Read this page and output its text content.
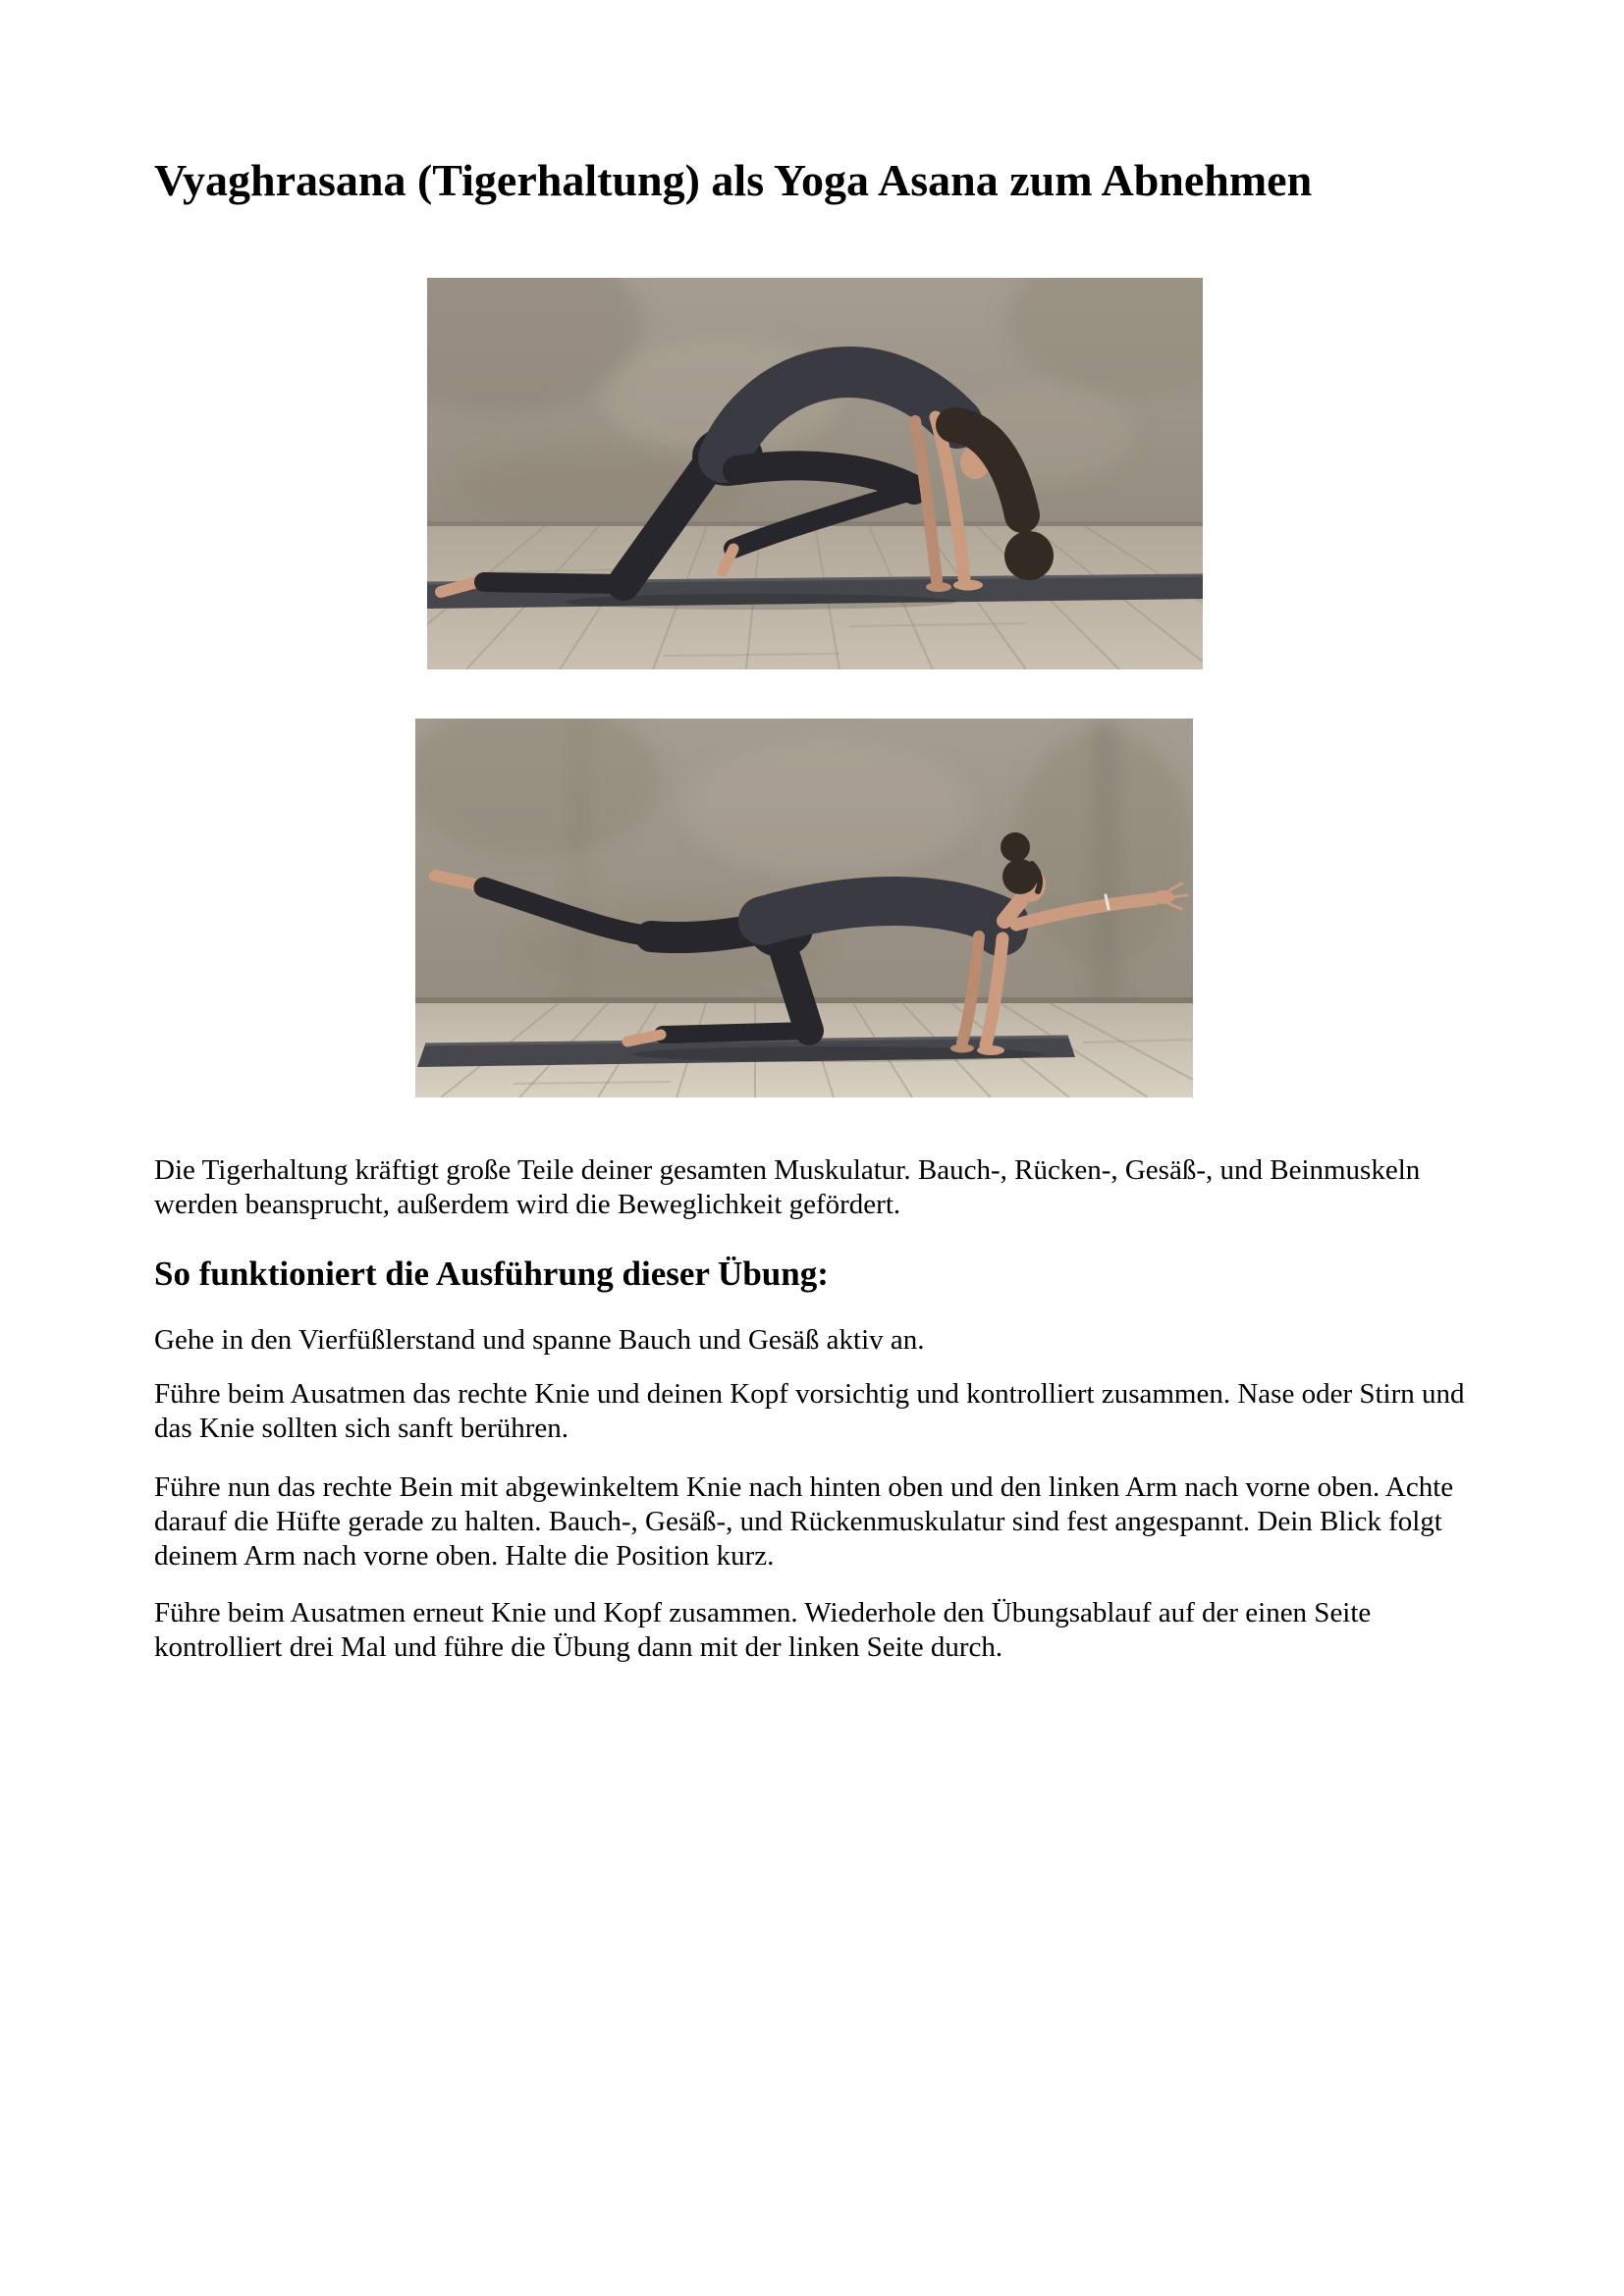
Vyaghrasana (Tigerhaltung) als Yoga Asana zum Abnehmen

Die Tigerhaltung kräftigt große Teile deiner gesamten Muskulatur. Bauch-, Rücken-, Gesäß-, und Beinmuskeln werden beansprucht, außerdem wird die Beweglichkeit gefördert.

So funktioniert die Ausführung dieser Übung:

Gehe in den Vierfüßlerstand und spanne Bauch und Gesäß aktiv an.

Führe beim Ausatmen das rechte Knie und deinen Kopf vorsichtig und kontrolliert zusammen. Nase oder Stirn und das Knie sollten sich sanft berühren.

Führe nun das rechte Bein mit abgewinkeltem Knie nach hinten oben und den linken Arm nach vorne oben. Achte darauf die Hüfte gerade zu halten. Bauch-, Gesäß-, und Rückenmuskulatur sind fest angespannt. Dein Blick folgt deinem Arm nach vorne oben. Halte die Position kurz.

Führe beim Ausatmen erneut Knie und Kopf zusammen. Wiederhole den Übungsablauf auf der einen Seite kontrolliert drei Mal und führe die Übung dann mit der linken Seite durch.
